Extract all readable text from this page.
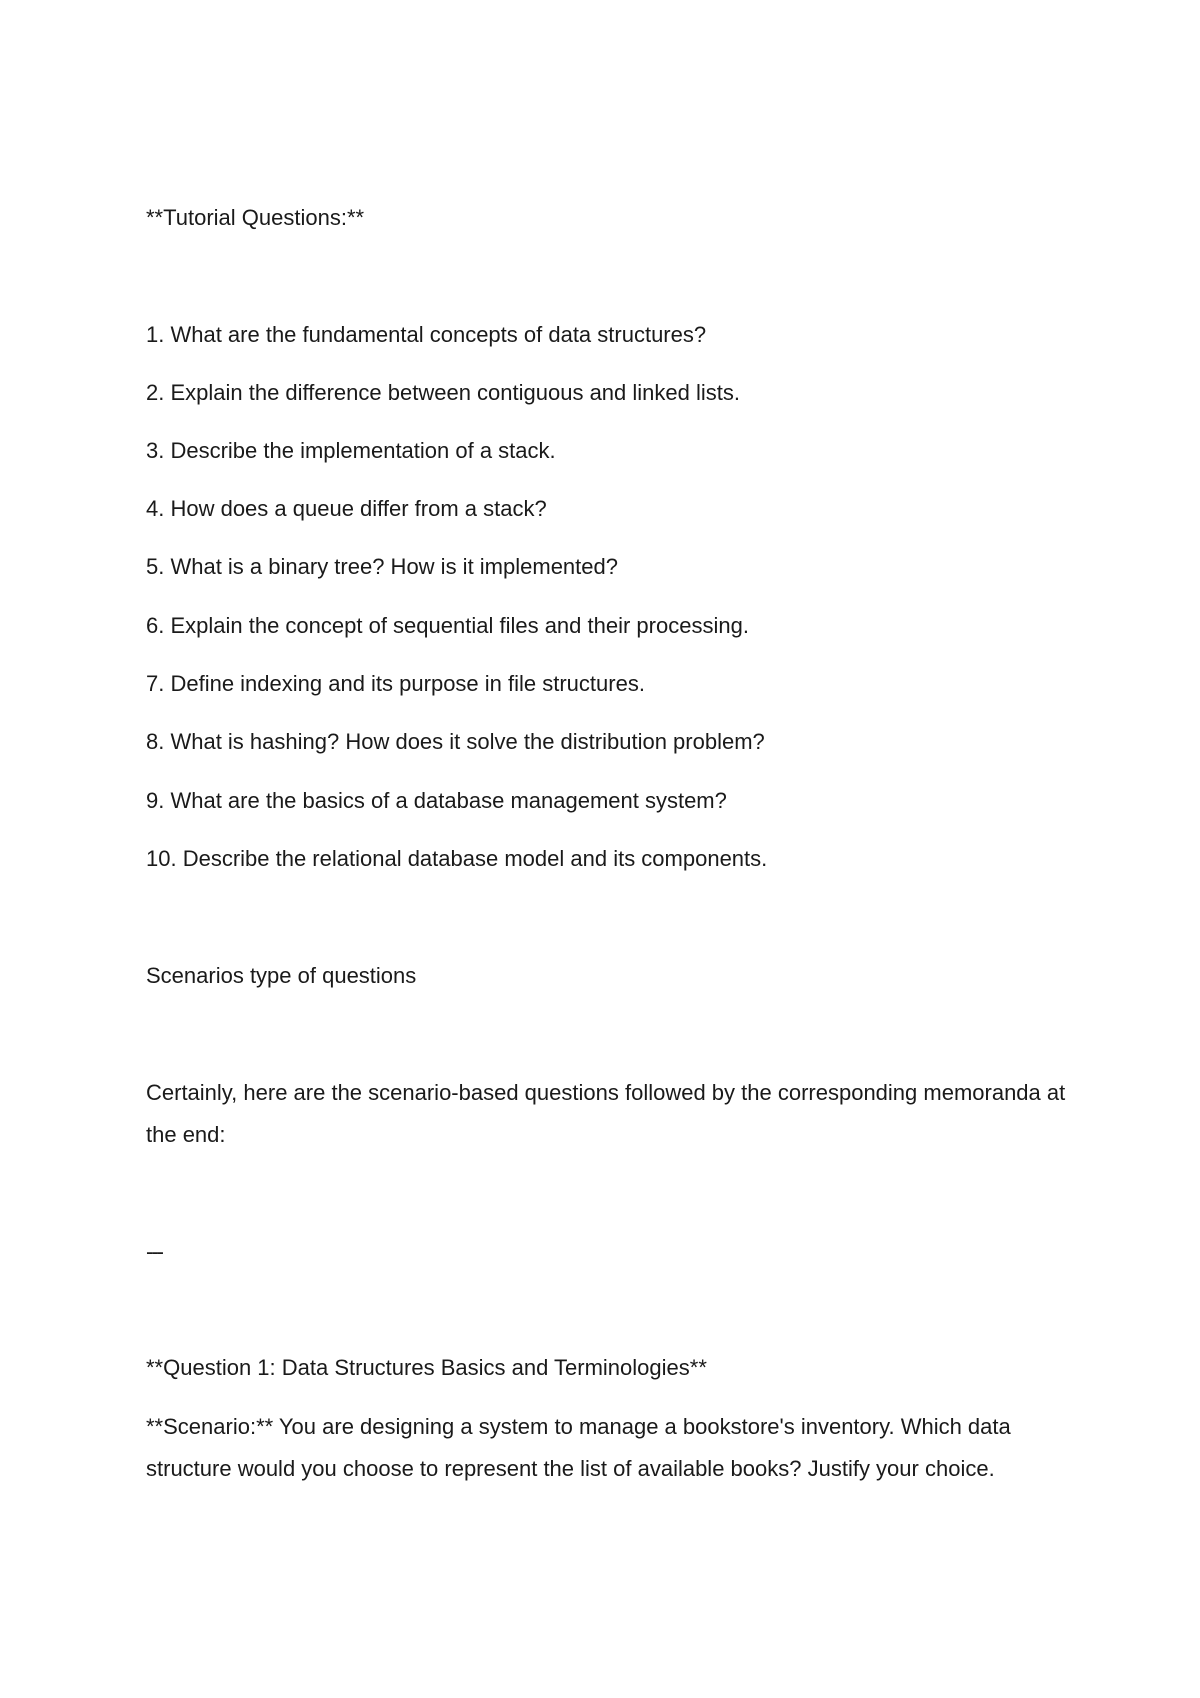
**Tutorial Questions:**
1. What are the fundamental concepts of data structures?
2. Explain the difference between contiguous and linked lists.
3. Describe the implementation of a stack.
4. How does a queue differ from a stack?
5. What is a binary tree? How is it implemented?
6. Explain the concept of sequential files and their processing.
7. Define indexing and its purpose in file structures.
8. What is hashing? How does it solve the distribution problem?
9. What are the basics of a database management system?
10. Describe the relational database model and its components.
Scenarios type of questions
Certainly, here are the scenario-based questions followed by the corresponding memoranda at the end:
---
**Question 1: Data Structures Basics and Terminologies**
**Scenario:** You are designing a system to manage a bookstore's inventory. Which data structure would you choose to represent the list of available books? Justify your choice.
